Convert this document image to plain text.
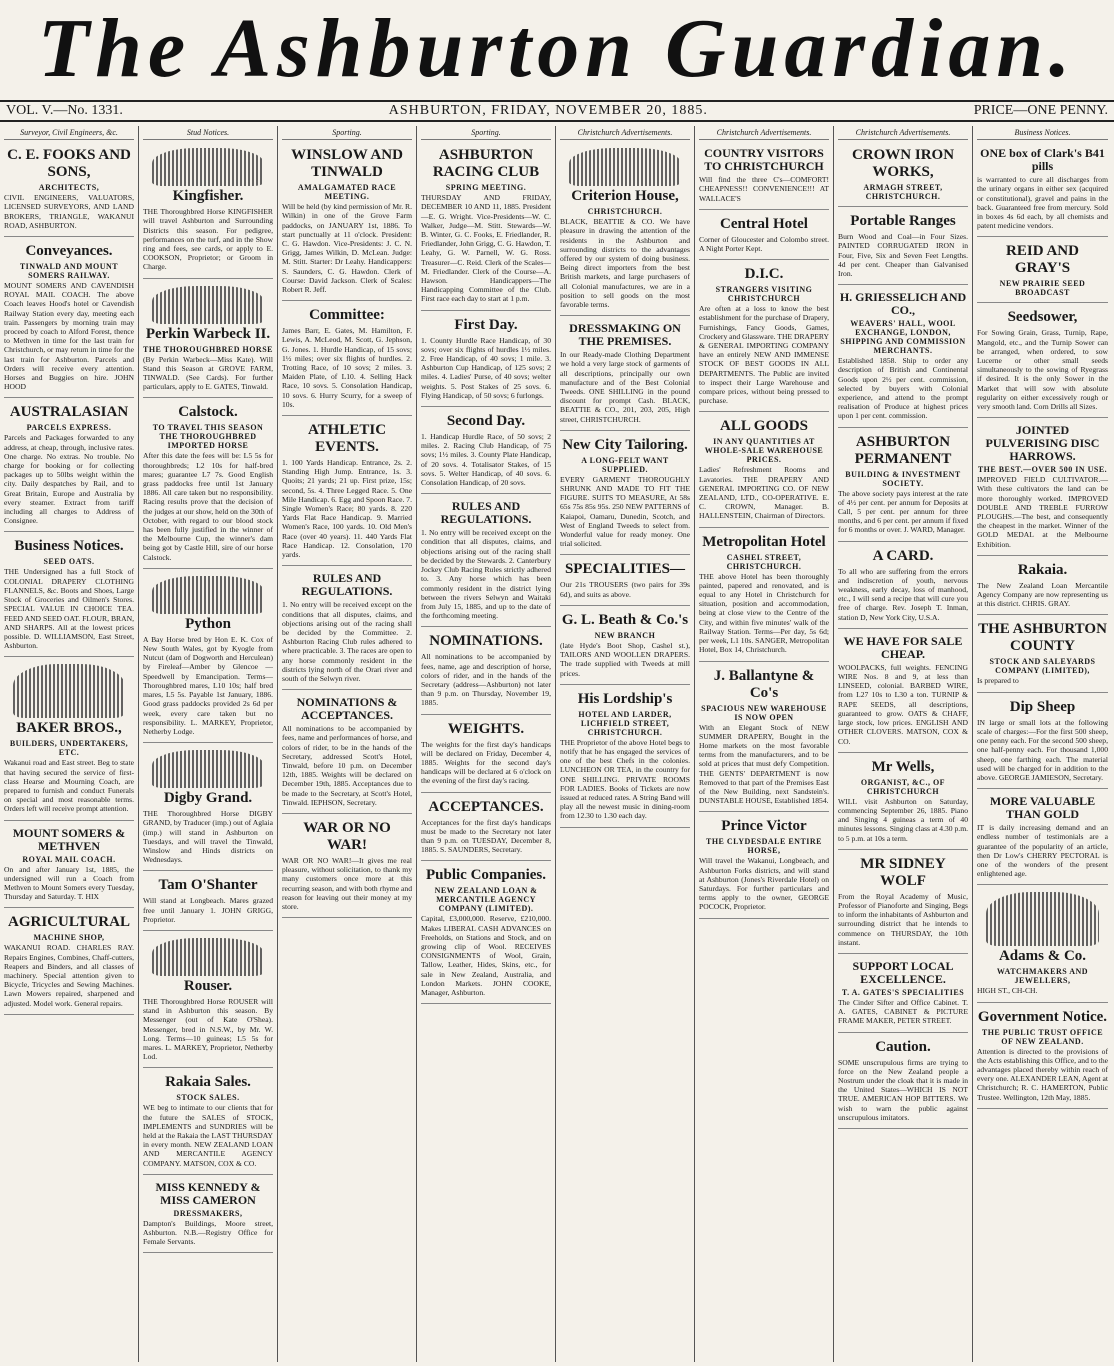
The Ashburton Guardian.
VOL. V.—No. 1331.	ASHBURTON, FRIDAY, NOVEMBER 20, 1885.	PRICE—ONE PENNY.
Surveyor, Civil Engineers, &c.
C. E. FOOKS AND SONS,
ARCHITECTS,

CIVIL ENGINEERS, VALUATORS, LICENSED SURVEYORS, AND LAND BROKERS, TRIANGLE, WAKANUI ROAD, ASHBURTON.

Conveyances.
TINWALD AND MOUNT SOMERS RAILWAY.

MOUNT SOMERS AND CAVENDISH ROYAL MAIL COACH. The above Coach leaves Hood's hotel or Cavendish Railway Station every day, meeting each train. Passengers by morning train may proceed by coach to Alford Forest, thence to Methven in time for the last train for Christchurch, or may return in time for the last train for Ashburton. Parcels and Orders will receive every attention. Horses and Buggies on hire. JOHN HOOD

AUSTRALASIAN
PARCELS EXPRESS.

Parcels and Packages forwarded to any address, at cheap, through, inclusive rates. One charge. No extras. No trouble. No charge for booking or for collecting packages up to 50lbs weight within the city. Daily despatches by Rail, and to Great Britain, Europe and Australia by every steamer. Extract from tariff including all charges to Address of Consignee.

Business Notices.
SEED OATS.

THE Undersigned has a full Stock of COLONIAL DRAPERY CLOTHING FLANNELS, &c. Boots and Shoes, Large Stock of Groceries and Oilmen's Stores. SPECIAL VALUE IN CHOICE TEA. FEED AND SEED OAT. FLOUR, BRAN, AND SHARPS. All at the lowest prices possible. D. WILLIAMSON, East Street, Ashburton.

BAKER BROS.,
BUILDERS, UNDERTAKERS, ETC.

Wakanui road and East street. Beg to state that having secured the service of first-class Hearse and Mourning Coach, are prepared to furnish and conduct Funerals on special and most reasonable terms. Orders left will receive prompt attention.

MOUNT SOMERS & METHVEN
ROYAL MAIL COACH.

On and after January 1st, 1885, the undersigned will run a Coach from Methven to Mount Somers every Tuesday, Thursday and Saturday. T. HIX

AGRICULTURAL
MACHINE SHOP,

WAKANUI ROAD. CHARLES RAY. Repairs Engines, Combines, Chaff-cutters, Reapers and Binders, and all classes of machinery. Special attention given to Bicycle, Tricycles and Sewing Machines. Lawn Mowers repaired, sharpened and adjusted. Model work. General repairs.

Stud Notices.
Kingfisher.

THE Thoroughbred Horse KINGFISHER will travel Ashburton and Surrounding Districts this season. For pedigree, performances on the turf, and in the Show ring and fees, see cards, or apply to E. COOKSON, Proprietor; or Groom in Charge.

Perkin Warbeck II.
THE THOROUGHBRED HORSE

(By Perkin Warbeck—Miss Kate). Will Stand this Season at GROVE FARM, TINWALD. (See Cards). For further particulars, apply to E. GATES, Tinwald.

Calstock.
TO TRAVEL THIS SEASON THE THOROUGHBRED IMPORTED HORSE

After this date the fees will be: L5 5s for thoroughbreds; L2 10s for half-bred mares; guarantee L7 7s. Good English grass paddocks free until 1st January 1886. All care taken but no responsibility. Racing results prove that the decision of the judges at our show, held on the 30th of October, with regard to our blood stock has been fully justified in the winner of the Melbourne Cup, the winner's dam being got by Castle Hill, sire of our horse Calstock.

Python

A Bay Horse bred by Hon E. K. Cox of New South Wales, got by Kyogle from Nutcut (dam of Dogworth and Herculean) by Fireleaf—Amber by Glencoe —Speedwell by Emancipation. Terms—Thoroughbred mares, L10 10s; half bred mares, L5 5s. Payable 1st January, 1886. Good grass paddocks provided 2s 6d per week, every care taken but no responsibility. L. MARKEY, Proprietor, Netherby Lodge.

Digby Grand.

THE Thoroughbred Horse DIGBY GRAND, by Traducer (imp.) out of Aglaia (imp.) will stand in Ashburton on Tuesdays, and will travel the Tinwald, Winslow and Hinds districts on Wednesdays.

Tam O'Shanter

Will stand at Longbeach. Mares grazed free until January 1. JOHN GRIGG, Proprietor.

Rouser.

THE Thoroughbred Horse ROUSER will stand in Ashburton this season. By Messenger (out of Kate O'Shea). Messenger, bred in N.S.W., by Mr. W. Long. Terms—10 guineas; L5 5s for mares. L. MARKEY, Proprietor, Netherby Lod.

Rakaia Sales.
STOCK SALES.

WE beg to intimate to our clients that for the future the SALES of STOCK, IMPLEMENTS and SUNDRIES will be held at the Rakaia the LAST THURSDAY in every month. NEW ZEALAND LOAN AND MERCANTILE AGENCY COMPANY. MATSON, COX & CO.

MISS KENNEDY & MISS CAMERON
DRESSMAKERS,

Dampton's Buildings, Moore street, Ashburton. N.B.—Registry Office for Female Servants.

Sporting.
WINSLOW AND TINWALD
AMALGAMATED RACE MEETING.

Will be held (by kind permission of Mr. R. Wilkin) in one of the Grove Farm paddocks, on JANUARY 1st, 1886. To start punctually at 11 o'clock. President: C. G. Hawdon. Vice-Presidents: J. C. N. Grigg, James Wilkin, D. McLean. Judge: M. Stitt. Starter: Dr Leahy. Handicappers: S. Saunders, C. G. Hawdon. Clerk of Course: David Jackson. Clerk of Scales: Robert R. Jeff.

Committee:

James Barr, E. Gates, M. Hamilton, F. Lewis, A. McLeod, M. Scott, G. Jephson, G. Jones. 1. Hurdle Handicap, of 15 sovs; 1½ miles; over six flights of hurdles. 2. Trotting Race, of 10 sovs; 2 miles. 3. Maiden Plate, of L10. 4. Selling Hack Race, 10 sovs. 5. Consolation Handicap, 10 sovs. 6. Hurry Scurry, for a sweep of 10s.

ATHLETIC EVENTS.

1. 100 Yards Handicap. Entrance, 2s. 2. Standing High Jump. Entrance, 1s. 3. Quoits; 21 yards; 21 up. First prize, 15s; second, 5s. 4. Three Legged Race. 5. One Mile Handicap. 6. Egg and Spoon Race. 7. Single Women's Race; 80 yards. 8. 220 Yards Flat Race Handicap. 9. Married Women's Race, 100 yards. 10. Old Men's Race (over 40 years). 11. 440 Yards Flat Race Handicap. 12. Consolation, 170 yards.

RULES AND REGULATIONS.

1. No entry will be received except on the conditions that all disputes, claims, and objections arising out of the racing shall be decided by the Committee. 2. Ashburton Racing Club rules adhered to where practicable. 3. The races are open to any horse commonly resident in the districts lying north of the Orari river and south of the Selwyn river.

NOMINATIONS & ACCEPTANCES.

All nominations to be accompanied by fees, name and performances of horse, and colors of rider, to be in the hands of the Secretary, addressed Scott's Hotel, Tinwald, before 10 p.m. on December 12th, 1885. Weights will be declared on December 19th, 1885. Acceptances due to be made to the Secretary, at Scott's Hotel, Tinwald. IEPHSON, Secretary.

WAR OR NO WAR!

WAR OR NO WAR!—It gives me real pleasure, without solicitation, to thank my many customers once more at this recurring season, and with both rhyme and reason for leaving out their money at my store.

Sporting.
ASHBURTON RACING CLUB
SPRING MEETING.

THURSDAY AND FRIDAY, DECEMBER 10 AND 11, 1885. President—E. G. Wright. Vice-Presidents—W. C. Walker, Judge—M. Stitt. Stewards—W. B. Winter, G. C. Fooks, E. Friedlander, R. Friedlander, John Grigg, C. G. Hawdon, T. Leahy, G. W. Parnell, W. G. Ross. Treasurer—C. Reid. Clerk of the Scales—M. Friedlander. Clerk of the Course—A. Hawson. Handicappers—The Handicapping Committee of the Club. First race each day to start at 1 p.m.

First Day.

1. County Hurdle Race Handicap, of 30 sovs; over six flights of hurdles 1½ miles. 2. Free Handicap, of 40 sovs; 1 mile. 3. Ashburton Cup Handicap, of 125 sovs; 2 miles. 4. Ladies' Purse, of 40 sovs; welter weights. 5. Post Stakes of 25 sovs. 6. Flying Handicap, of 50 sovs; 6 furlongs.

Second Day.

1. Handicap Hurdle Race, of 50 sovs; 2 miles. 2. Racing Club Handicap, of 75 sovs; 1½ miles. 3. County Plate Handicap, of 20 sovs. 4. Totalisator Stakes, of 15 sovs. 5. Welter Handicap, of 40 sovs. 6. Consolation Handicap, of 20 sovs.

RULES AND REGULATIONS.

1. No entry will be received except on the condition that all disputes, claims, and objections arising out of the racing shall be decided by the Stewards. 2. Canterbury Jockey Club Racing Rules strictly adhered to. 3. Any horse which has been commonly resident in the district lying between the rivers Selwyn and Waitaki from July 15, 1885, and up to the date of the forthcoming meeting.

NOMINATIONS.

All nominations to be accompanied by fees, name, age and description of horse, colors of rider, and in the hands of the Secretary (address—Ashburton) not later than 9 p.m. on Thursday, November 19, 1885.

WEIGHTS.

The weights for the first day's handicaps will be declared on Friday, December 4, 1885. Weights for the second day's handicaps will be declared at 6 o'clock on the evening of the first day's racing.

ACCEPTANCES.

Acceptances for the first day's handicaps must be made to the Secretary not later than 9 p.m. on TUESDAY, December 8, 1885. S. SAUNDERS, Secretary.

Public Companies.
NEW ZEALAND LOAN & MERCANTILE AGENCY COMPANY (LIMITED).

Capital, £3,000,000. Reserve, £210,000. Makes LIBERAL CASH ADVANCES on Freeholds, on Stations and Stock, and on growing clip of Wool. RECEIVES CONSIGNMENTS of Wool, Grain, Tallow, Leather, Hides, Skins, etc., for sale in New Zealand, Australia, and London Markets. JOHN COOKE, Manager, Ashburton.

Christchurch Advertisements.
Criterion House,
CHRISTCHURCH.

BLACK, BEATTIE & CO. We have pleasure in drawing the attention of the residents in the Ashburton and surrounding districts to the advantages offered by our system of doing business. Being direct importers from the best British markets, and large purchasers of all Colonial manufactures, we are in a position to sell goods on the most favorable terms.

DRESSMAKING ON THE PREMISES.

In our Ready-made Clothing Department we hold a very large stock of garments of all descriptions, principally our own manufacture and of the Best Colonial Tweeds. ONE SHILLING in the pound discount for prompt Cash. BLACK, BEATTIE & CO., 201, 203, 205, High street, CHRISTCHURCH.

New City Tailoring.
A LONG-FELT WANT SUPPLIED.

EVERY GARMENT THOROUGHLY SHRUNK AND MADE TO FIT THE FIGURE. SUITS TO MEASURE, At 58s 65s 75s 85s 95s. 250 NEW PATTERNS of Kaiapoi, Oamaru, Dunedin, Scotch, and West of England Tweeds to select from. Wonderful value for ready money. One trial solicited.

SPECIALITIES—

Our 21s TROUSERS (two pairs for 39s 6d), and suits as above.

G. L. Beath & Co.'s
NEW BRANCH

(late Hyde's Boot Shop, Cashel st.), TAILORS AND WOOLLEN DRAPERS. The trade supplied with Tweeds at mill prices.

His Lordship's
HOTEL AND LARDER, LICHFIELD STREET, CHRISTCHURCH.

THE Proprietor of the above Hotel begs to notify that he has engaged the services of one of the best Chefs in the colonies. LUNCHEON OR TEA, in the country for ONE SHILLING. PRIVATE ROOMS FOR LADIES. Books of Tickets are now issued at reduced rates. A String Band will play all the newest music in dining-room from 12.30 to 1.30 each day.

Christchurch Advertisements.
COUNTRY VISITORS TO CHRISTCHURCH

Will find the three C's—COMFORT! CHEAPNESS!! CONVENIENCE!!! AT WALLACE'S

Central Hotel

Corner of Gloucester and Colombo street. A Night Porter Kept.

D.I.C.
STRANGERS VISITING CHRISTCHURCH

Are often at a loss to know the best establishment for the purchase of Drapery, Furnishings, Fancy Goods, Games, Crockery and Glassware. THE DRAPERY & GENERAL IMPORTING COMPANY have an entirely NEW AND IMMENSE STOCK OF BEST GOODS IN ALL DEPARTMENTS. The Public are invited to inspect their Large Warehouse and compare prices, without being pressed to purchase.

ALL GOODS
IN ANY QUANTITIES AT WHOLE-SALE WAREHOUSE PRICES.

Ladies' Refreshment Rooms and Lavatories. THE DRAPERY AND GENERAL IMPORTING CO. OF NEW ZEALAND, LTD., CO-OPERATIVE. E. C. CROWN, Manager. B. HALLENSTEIN, Chairman of Directors.

Metropolitan Hotel
CASHEL STREET, CHRISTCHURCH.

THE above Hotel has been thoroughly painted, papered and renovated, and is equal to any Hotel in Christchurch for situation, position and accommodation, being at close view to the Centre of the City, and within five minutes' walk of the Railway Station. Terms—Per day, 5s 6d; per week, L1 10s. SANGER, Metropolitan Hotel, Box 14, Christchurch.

J. Ballantyne & Co's
SPACIOUS NEW WAREHOUSE IS NOW OPEN

With an Elegant Stock of NEW SUMMER DRAPERY, Bought in the Home markets on the most favorable terms from the manufacturers, and to be sold at prices that must defy Competition. THE GENTS' DEPARTMENT is now Removed to that part of the Premises East of the New Building, next Sandstein's. DUNSTABLE HOUSE, Established 1854.

Prince Victor
THE CLYDESDALE ENTIRE HORSE,

Will travel the Wakanui, Longbeach, and Ashburton Forks districts, and will stand at Ashburton (Jones's Riverdale Hotel) on Saturdays. For further particulars and terms apply to the owner, GEORGE POCOCK, Proprietor.

Christchurch Advertisements.
CROWN IRON WORKS,
ARMAGH STREET, CHRISTCHURCH.
Portable Ranges

Burn Wood and Coal—in Four Sizes. PAINTED CORRUGATED IRON in Four, Five, Six and Seven Feet Lengths. 4d per cent. Cheaper than Galvanised Iron.

H. GRIESSELICH AND CO.,
WEAVERS' HALL, WOOL EXCHANGE, LONDON, SHIPPING AND COMMISSION MERCHANTS.

Established 1858. Ship to order any description of British and Continental Goods upon 2½ per cent. commission, selected by buyers with Colonial experience, and attend to the prompt realisation of Produce at highest prices upon 1 per cent. commission.

ASHBURTON PERMANENT
BUILDING & INVESTMENT SOCIETY.

The above society pays interest at the rate of 4½ per cent. per annum for Deposits at Call, 5 per cent. per annum for three months, and 6 per cent. per annum if fixed for 6 months or over. J. WARD, Manager.

A CARD.

To all who are suffering from the errors and indiscretion of youth, nervous weakness, early decay, loss of manhood, etc., I will send a recipe that will cure you free of charge. Rev. Joseph T. Inman, station D, New York City, U.S.A.

WE HAVE FOR SALE CHEAP.

WOOLPACKS, full weights. FENCING WIRE Nos. 8 and 9, at less than LINSEED, colonial. BARBED WIRE, from L27 10s to L30 a ton. TURNIP & RAPE SEEDS, all descriptions, guaranteed to grow. OATS & CHAFF, large stock, low prices. ENGLISH AND OTHER CLOVERS. MATSON, COX & CO.

Mr Wells,
ORGANIST, &C., OF CHRISTCHURCH

WILL visit Ashburton on Saturday, commencing September 26, 1885. Piano and Singing 4 guineas a term of 40 minutes lessons. Singing class at 4.30 p.m. to 5 p.m. at 10s a term.

MR SIDNEY WOLF

From the Royal Academy of Music, Professor of Pianoforte and Singing, Begs to inform the inhabitants of Ashburton and surrounding district that he intends to commence on THURSDAY, the 10th instant.

SUPPORT LOCAL EXCELLENCE.
T. A. GATES'S SPECIALITIES

The Cinder Sifter and Office Cabinet. T. A. GATES, CABINET & PICTURE FRAME MAKER, PETER STREET.

Caution.

SOME unscrupulous firms are trying to force on the New Zealand people a Nostrum under the cloak that it is made in the United States—WHICH IS NOT TRUE. AMERICAN HOP BITTERS. We wish to warn the public against unscrupulous imitators.

Business Notices.
ONE box of Clark's B41 pills

is warranted to cure all discharges from the urinary organs in either sex (acquired or constitutional), gravel and pains in the back. Guaranteed free from mercury. Sold in boxes 4s 6d each, by all chemists and patent medicine vendors.

REID AND GRAY'S
NEW PRAIRIE SEED BROADCAST
Seedsower,

For Sowing Grain, Grass, Turnip, Rape, Mangold, etc., and the Turnip Sower can be arranged, when ordered, to sow Lucerne or other small seeds simultaneously to the sowing of Ryegrass if desired. It is the only Sower in the Market that will sow with absolute regularity on either excessively rough or very smooth land. Corn Drills all Sizes.

JOINTED PULVERISING DISC HARROWS.
THE BEST.—OVER 500 IN USE.

IMPROVED FIELD CULTIVATOR.—With these cultivators the land can be more thoroughly worked. IMPROVED DOUBLE AND TREBLE FURROW PLOUGHS.—The best, and consequently the cheapest in the market. Winner of the GOLD MEDAL at the Melbourne Exhibition.

Rakaia.

The New Zealand Loan Mercantile Agency Company are now representing us at this district. CHRIS. GRAY.

THE ASHBURTON COUNTY
STOCK AND SALEYARDS COMPANY (LIMITED),

Is prepared to

Dip Sheep

IN large or small lots at the following scale of charges:—For the first 500 sheep, one penny each. For the second 500 sheep, one half-penny each. For thousand 1,000 sheep, one farthing each. The material used will be charged for in addition to the above. GEORGE JAMIESON, Secretary.

MORE VALUABLE THAN GOLD

IT is daily increasing demand and an endless number of testimonials are a guarantee of the popularity of an article, then Dr Low's CHERRY PECTORAL is one of the wonders of the present enlightened age.

Adams & Co.
WATCHMAKERS AND JEWELLERS,

HIGH ST., CH-CH.

Government Notice.
THE PUBLIC TRUST OFFICE OF NEW ZEALAND.

Attention is directed to the provisions of the Acts establishing this Office, and to the advantages placed thereby within reach of every one. ALEXANDER LEAN, Agent at Christchurch; R. C. HAMERTON, Public Trustee. Wellington, 12th May, 1885.
